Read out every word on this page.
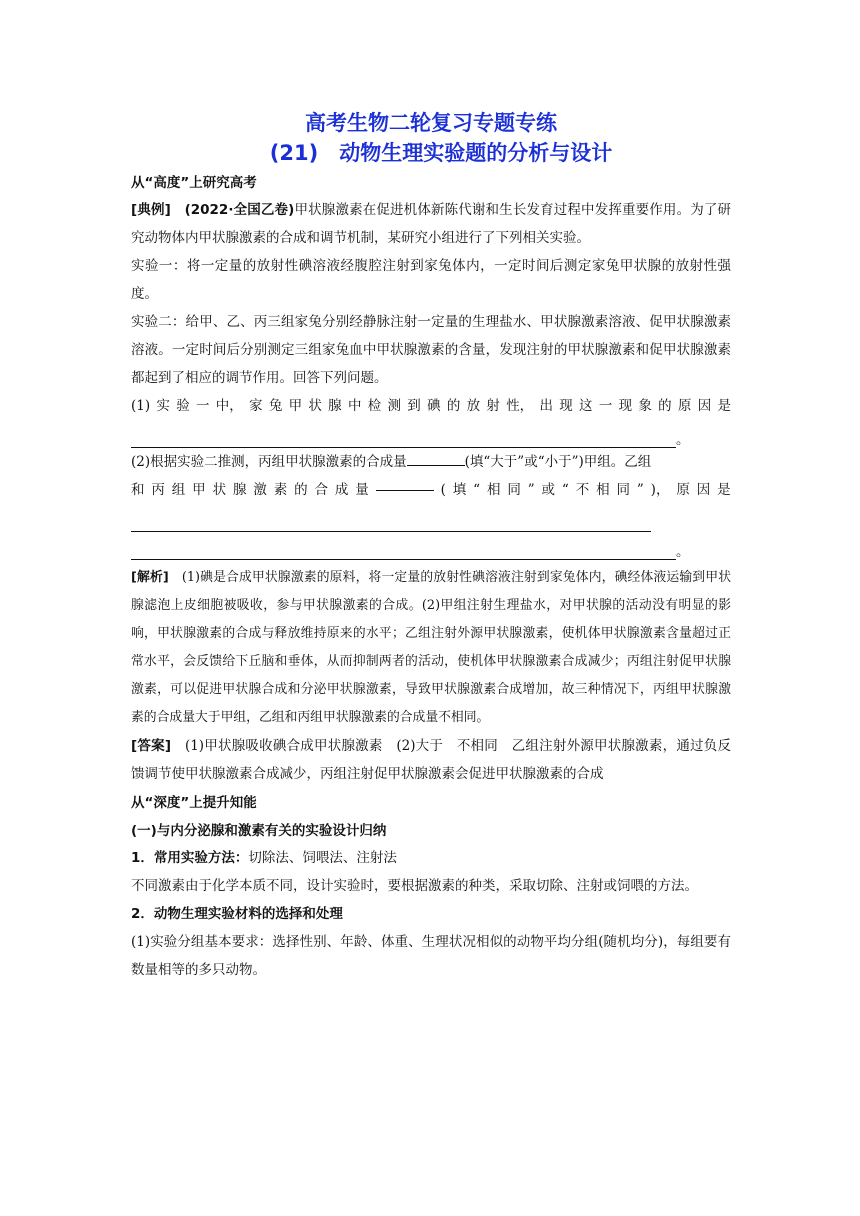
高考生物二轮复习专题专练
(21)　动物生理实验题的分析与设计
从“高度”上研究高考

[典例]　 (2022·全国乙卷)甲状腺激素在促进机体新陈代谢和生长发育过程中发挥重要作用。为了研究动物体内甲状腺激素的合成和调节机制，某研究小组进行了下列相关实验。

实验一：将一定量的放射性碘溶液经腹腔注射到家兔体内，一定时间后测定家兔甲状腺的放射性强度。

实验二：给甲、乙、丙三组家兔分别经静脉注射一定量的生理盐水、甲状腺激素溶液、促甲状腺激素溶液。一定时间后分别测定三组家兔血中甲状腺激素的含量，发现注射的甲状腺激素和促甲状腺激素都起到了相应的调节作用。回答下列问题。

(1) 实 验 一 中， 家 兔 甲 状 腺 中 检 测 到 碘 的 放 射 性， 出 现 这 一 现 象 的 原 因 是
。

(2)根据实验二推测，丙组甲状腺激素的合成量	(填“大于”或“小于”)甲组。乙组

和 丙 组 甲 状 腺 激 素 的 合 成 量	( 填 “ 相 同 ” 或 “ 不 相 同 ” )， 原 因 是
。

[解析]　 (1)碘是合成甲状腺激素的原料，将一定量的放射性碘溶液注射到家兔体内，碘经体液运输到甲状腺滤泡上皮细胞被吸收，参与甲状腺激素的合成。(2)甲组注射生理盐水，对甲状腺的活动没有明显的影响，甲状腺激素的合成与释放维持原来的水平；乙组注射外源甲状腺激素，使机体甲状腺激素含量超过正常水平，会反馈给下丘脑和垂体，从而抑制两者的活动，使机体甲状腺激素合成减少；丙组注射促甲状腺激素，可以促进甲状腺合成和分泌甲状腺激素，导致甲状腺激素合成增加，故三种情况下，丙组甲状腺激素的合成量大于甲组，乙组和丙组甲状腺激素的合成量不相同。

[答案]　 (1)甲状腺吸收碘合成甲状腺激素　(2)大于　不相同　乙组注射外源甲状腺激素，通过负反馈调节使甲状腺激素合成减少，丙组注射促甲状腺激素会促进甲状腺激素的合成

从“深度”上提升知能
(一)与内分泌腺和激素有关的实验设计归纳

1．常用实验方法：切除法、饲喂法、注射法

不同激素由于化学本质不同，设计实验时，要根据激素的种类，采取切除、注射或饲喂的方法。

2．动物生理实验材料的选择和处理

(1)实验分组基本要求：选择性别、年龄、体重、生理状况相似的动物平均分组(随机均分)，每组要有数量相等的多只动物。
